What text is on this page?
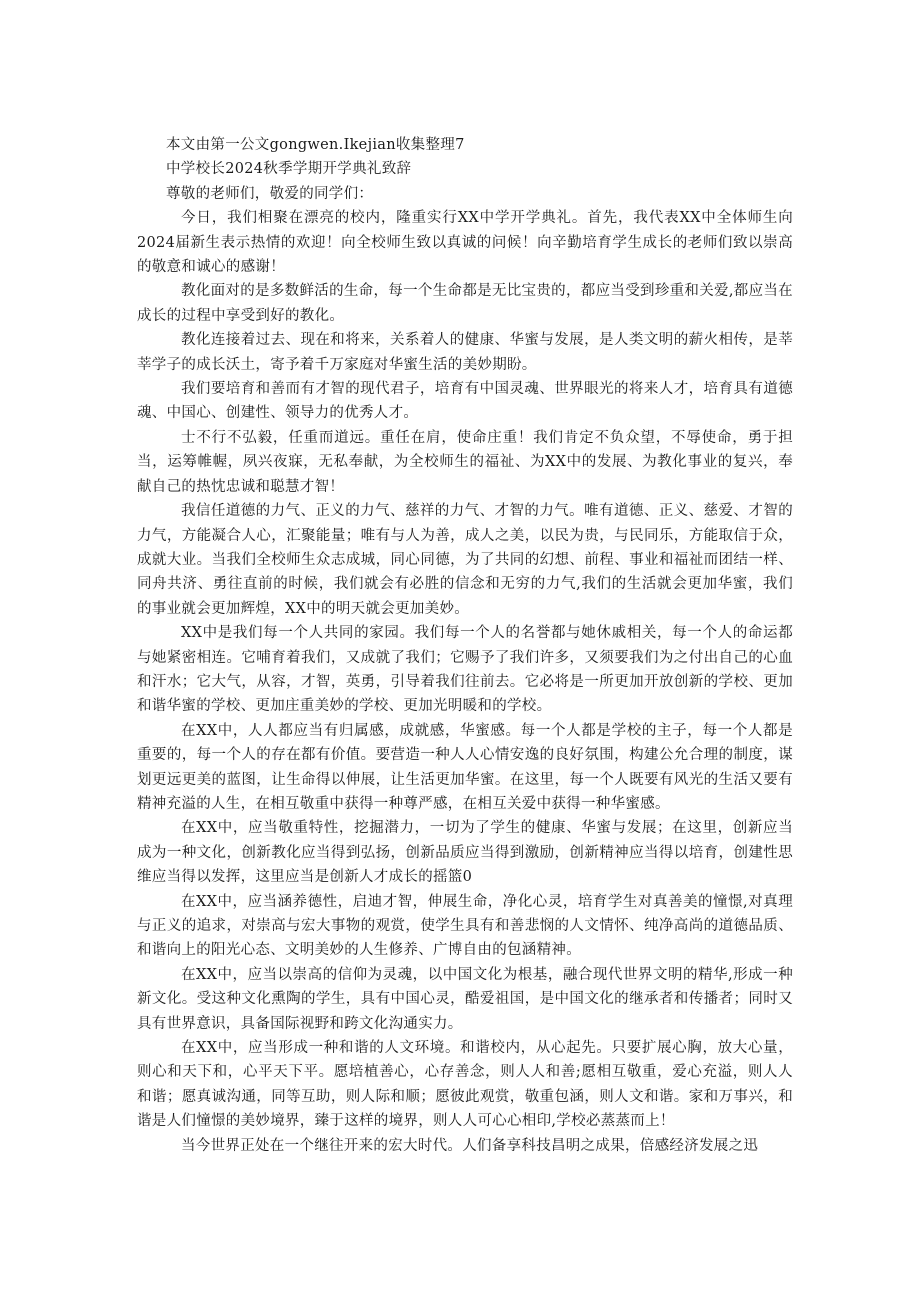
本文由第一公文gongwen.Ikejian收集整理7

中学校长2024秋季学期开学典礼致辞

尊敬的老师们，敬爱的同学们：

今日，我们相聚在漂亮的校内，隆重实行XX中学开学典礼。首先，我代表XX中全体师生向2024届新生表示热情的欢迎！向全校师生致以真诚的问候！向辛勤培育学生成长的老师们致以崇高的敬意和诚心的感谢！

教化面对的是多数鲜活的生命，每一个生命都是无比宝贵的，都应当受到珍重和关爱,都应当在成长的过程中享受到好的教化。

教化连接着过去、现在和将来，关系着人的健康、华蜜与发展，是人类文明的薪火相传，是莘莘学子的成长沃土，寄予着千万家庭对华蜜生活的美妙期盼。

我们要培育和善而有才智的现代君子，培育有中国灵魂、世界眼光的将来人才，培育具有道德魂、中国心、创建性、领导力的优秀人才。

士不行不弘毅，任重而道远。重任在肩，使命庄重！我们肯定不负众望，不辱使命，勇于担当，运筹帷幄，夙兴夜寐，无私奉献，为全校师生的福祉、为XX中的发展、为教化事业的复兴，奉献自己的热忱忠诚和聪慧才智！

我信任道德的力气、正义的力气、慈祥的力气、才智的力气。唯有道德、正义、慈爱、才智的力气，方能凝合人心，汇聚能量；唯有与人为善，成人之美，以民为贵，与民同乐，方能取信于众，成就大业。当我们全校师生众志成城，同心同德，为了共同的幻想、前程、事业和福祉而团结一样、同舟共济、勇往直前的时候，我们就会有必胜的信念和无穷的力气,我们的生活就会更加华蜜，我们的事业就会更加辉煌，XX中的明天就会更加美妙。

XX中是我们每一个人共同的家园。我们每一个人的名誉都与她休戚相关，每一个人的命运都与她紧密相连。它哺育着我们，又成就了我们；它赐予了我们许多，又须要我们为之付出自己的心血和汗水；它大气，从容，才智，英勇，引导着我们往前去。它必将是一所更加开放创新的学校、更加和谐华蜜的学校、更加庄重美妙的学校、更加光明暖和的学校。

在XX中，人人都应当有归属感，成就感，华蜜感。每一个人都是学校的主子，每一个人都是重要的，每一个人的存在都有价值。要营造一种人人心情安逸的良好氛围，构建公允合理的制度，谋划更远更美的蓝图，让生命得以伸展，让生活更加华蜜。在这里，每一个人既要有风光的生活又要有精神充溢的人生，在相互敬重中获得一种尊严感，在相互关爱中获得一种华蜜感。

在XX中，应当敬重特性，挖掘潜力，一切为了学生的健康、华蜜与发展；在这里，创新应当成为一种文化，创新教化应当得到弘扬，创新品质应当得到激励，创新精神应当得以培育，创建性思维应当得以发挥，这里应当是创新人才成长的摇篮0

在XX中，应当涵养德性，启迪才智，伸展生命，净化心灵，培育学生对真善美的憧憬,对真理与正义的追求，对崇高与宏大事物的观赏，使学生具有和善悲悯的人文情怀、纯净高尚的道德品质、和谐向上的阳光心态、文明美妙的人生修养、广博自由的包涵精神。

在XX中，应当以崇高的信仰为灵魂，以中国文化为根基，融合现代世界文明的精华,形成一种新文化。受这种文化熏陶的学生，具有中国心灵，酷爱祖国，是中国文化的继承者和传播者；同时又具有世界意识，具备国际视野和跨文化沟通实力。

在XX中，应当形成一种和谐的人文环境。和谐校内，从心起先。只要扩展心胸，放大心量，则心和天下和，心平天下平。愿培植善心，心存善念，则人人和善;愿相互敬重，爱心充溢，则人人和谐；愿真诚沟通，同等互助，则人际和顺；愿彼此观赏，敬重包涵，则人文和谐。家和万事兴，和谐是人们憧憬的美妙境界，臻于这样的境界，则人人可心心相印,学校必蒸蒸而上！

当今世界正处在一个继往开来的宏大时代。人们备享科技昌明之成果，倍感经济发展之迅
